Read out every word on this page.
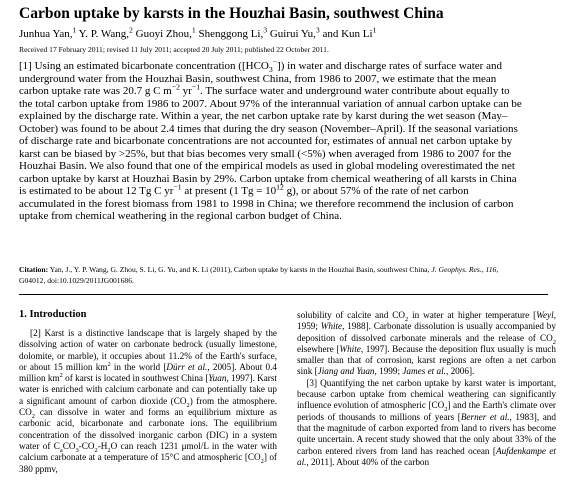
Carbon uptake by karsts in the Houzhai Basin, southwest China
Junhua Yan,$^1$ Y. P. Wang,$^2$ Guoyi Zhou,$^1$ Shenggong Li,$^3$ Guirui Yu,$^3$ and Kun Li$^1$
Received 17 February 2011; revised 11 July 2011; accepted 20 July 2011; published 22 October 2011.

[1] Using an estimated bicarbonate concentration $([HCO_3^-])$ in water and discharge rates of surface water and underground water from the Houzhai Basin, southwest China, from 1986 to 2007, we estimate that the mean carbon uptake rate was 20.7 g C $m^{-2}$ $yr^{-1}$. The surface water and underground water contribute about equally to the total carbon uptake from 1986 to 2007. About 97% of the interannual variation of annual carbon uptake can be explained by the discharge rate. Within a year, the net carbon uptake rate by karst during the wet season (May–October) was found to be about 2.4 times that during the dry season (November–April). If the seasonal variations of discharge rate and bicarbonate concentrations are not accounted for, estimates of annual net carbon uptake by karst can be biased by >25%, but that bias becomes very small (<5%) when averaged from 1986 to 2007 for the Houzhai Basin. We also found that one of the empirical models as used in global modeling overestimated the net carbon uptake by karst at Houzhai Basin by 29%. Carbon uptake from chemical weathering of all karsts in China is estimated to be about 12 Tg C $yr^{-1}$ at present (1 $Tg = 10^{12}$ g), or about 57% of the rate of net carbon accumulated in the forest biomass from 1981 to 1998 in China; we therefore recommend the inclusion of carbon uptake from chemical weathering in the regional carbon budget of China.

Citation: Yan, J., Y. P. Wang, G. Zhou, S. Li, G. Yu, and K. Li (2011), Carbon uptake by karsts in the Houzhai Basin, southwest China, J. Geophys. Res., 116, G04012, doi:10.1029/2011JG001686.

1. Introduction

[2] Karst is a distinctive landscape that is largely shaped by the dissolving action of water on carbonate bedrock (usually limestone, dolomite, or marble), it occupies about 11.2% of the Earth's surface, or about 15 million $km^2$ in the world [Dürr et al., 2005]. About 0.4 million $km^2$ of karst is located in southwest China [Yuan, 1997]. Karst water is enriched with calcium carbonate and can potentially take up a significant amount of carbon dioxide $(CO_2)$ from the atmosphere. $CO_2$ can dissolve in water and forms an equilibrium mixture as carbonic acid, bicarbonate and carbonate ions. The equilibrium concentration of the dissolved inorganic carbon (DIC) in a system water of $C_aCO_3-CO_2-H_2O$ can reach 1231 μmol/L in the water with calcium carbonate at a temperature of 15°C and atmospheric $[CO_2]$ of 380 ppmv,

solubility of calcite and $CO_2$ in water at higher temperature [Weyl, 1959; White, 1988]. Carbonate dissolution is usually accompanied by deposition of dissolved carbonate minerals and the release of $CO_2$ elsewhere [White, 1997]. Because the deposition flux usually is much smaller than that of corrosion, karst regions are often a net carbon sink [Jiang and Yuan, 1999; James et al., 2006].

[3] Quantifying the net carbon uptake by karst water is important, because carbon uptake from chemical weathering can significantly influence evolution of atmospheric $[CO_2]$ and the Earth's climate over periods of thousands to millions of years [Berner et al., 1983], and that the magnitude of carbon exported from land to rivers has become quite uncertain. A recent study showed that the only about 33% of the carbon entered rivers from land has reached ocean [Aufdenkampe et al., 2011]. About 40% of the carbon
